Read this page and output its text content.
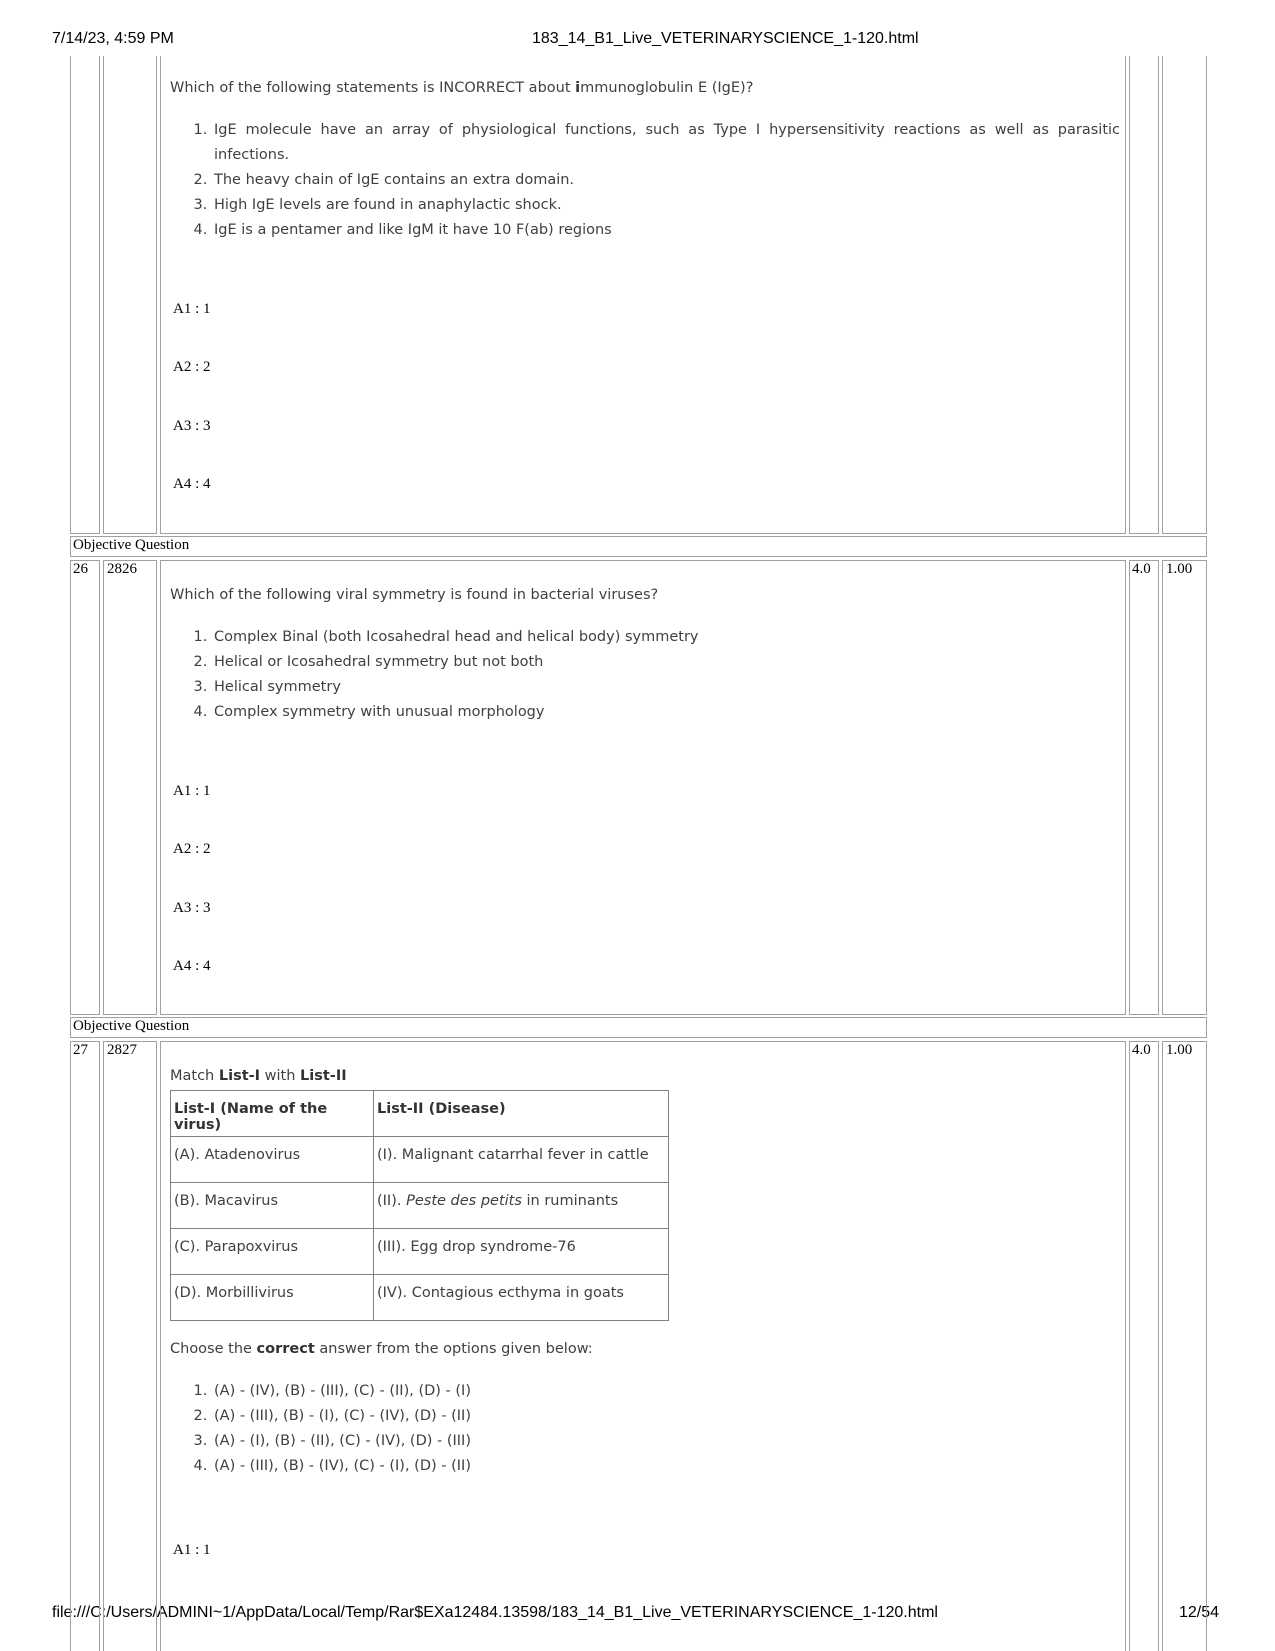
7/14/23, 4:59 PM	183_14_B1_Live_VETERINARYSCIENCE_1-120.html
file:///C:/Users/ADMINI~1/AppData/Local/Temp/Rar$EXa12484.13598/183_14_B1_Live_VETERINARYSCIENCE_1-120.html	12/54

Which of the following statements is INCORRECT about immunoglobulin E (IgE)?

1. IgE molecule have an array of physiological functions, such as Type I hypersensitivity reactions as well as parasitic infections.
2. The heavy chain of IgE contains an extra domain.
3. High IgE levels are found in anaphylactic shock.
4. IgE is a pentamer and like IgM it have 10 F(ab) regions
A1 : 1
A2 : 2
A3 : 3
A4 : 4
Objective Question
26 2826	4.0 1.00

Which of the following viral symmetry is found in bacterial viruses?

1. Complex Binal (both Icosahedral head and helical body) symmetry
2. Helical or Icosahedral symmetry but not both
3. Helical symmetry
4. Complex symmetry with unusual morphology
A1 : 1
A2 : 2
A3 : 3
A4 : 4
Objective Question
27 2827	4.0 1.00

Match List-I with List-II

List-I (Name of the virus)	List-II (Disease)
(A). Atadenovirus	(I). Malignant catarrhal fever in cattle
(B). Macavirus	(II). Peste des petits in ruminants
(C). Parapoxvirus	(III). Egg drop syndrome-76
(D). Morbillivirus	(IV). Contagious ecthyma in goats

Choose the correct answer from the options given below:

1. (A) - (IV), (B) - (III), (C) - (II), (D) - (I)
2. (A) - (III), (B) - (I), (C) - (IV), (D) - (II)
3. (A) - (I), (B) - (II), (C) - (IV), (D) - (III)
4. (A) - (III), (B) - (IV), (C) - (I), (D) - (II)
A1 : 1
